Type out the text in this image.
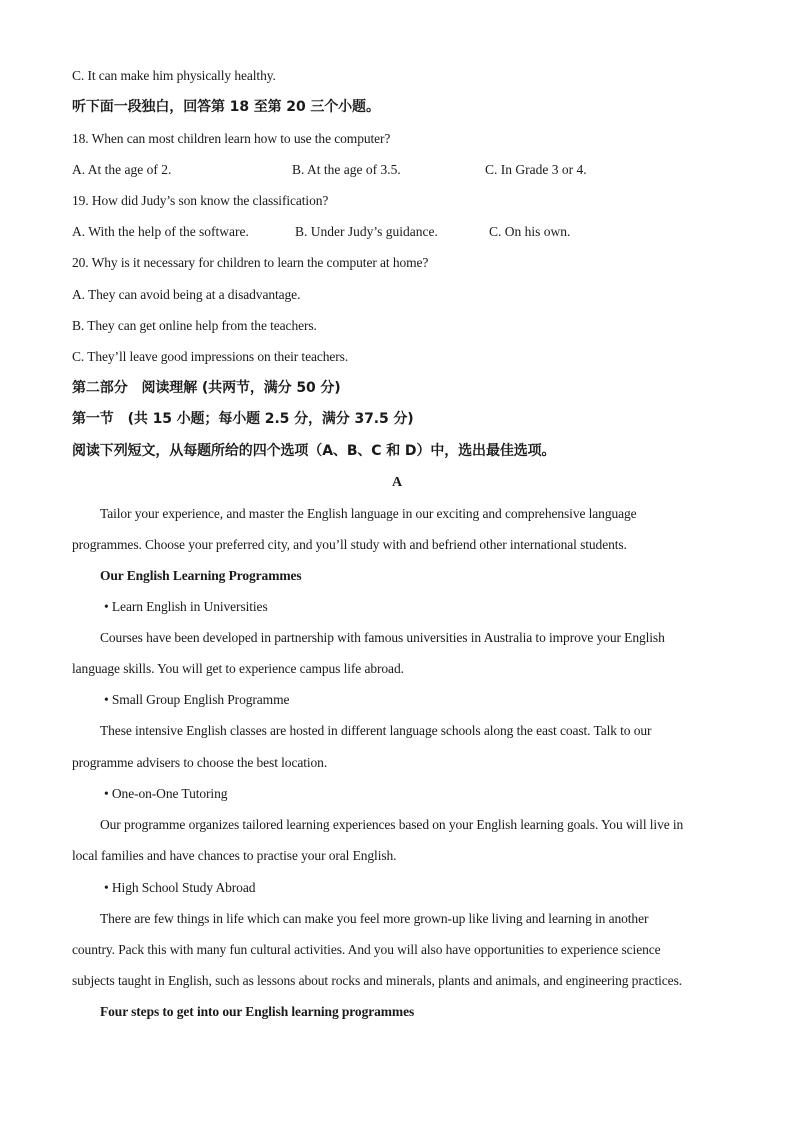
C. It can make him physically healthy.
听下面一段独白，回答第 18 至第 20 三个小题。
18. When can most children learn how to use the computer?
A. At the age of 2.	B. At the age of 3.5.	C. In Grade 3 or 4.
19. How did Judy’s son know the classification?
A. With the help of the software.	B. Under Judy’s guidance.	C. On his own.
20. Why is it necessary for children to learn the computer at home?
A. They can avoid being at a disadvantage.
B. They can get online help from the teachers.
C. They’ll leave good impressions on their teachers.
第二部分　阅读理解 (共两节，满分 50 分)
第一节　(共 15 小题；每小题 2.5 分，满分 37.5 分)
阅读下列短文，从每题所给的四个选项（A、B、C 和 D）中，选出最佳选项。
A
Tailor your experience, and master the English language in our exciting and comprehensive language
programmes. Choose your preferred city, and you’ll study with and befriend other international students.
Our English Learning Programmes
• Learn English in Universities
Courses have been developed in partnership with famous universities in Australia to improve your English
language skills. You will get to experience campus life abroad.
• Small Group English Programme
These intensive English classes are hosted in different language schools along the east coast. Talk to our
programme advisers to choose the best location.
• One-on-One Tutoring
Our programme organizes tailored learning experiences based on your English learning goals. You will live in
local families and have chances to practise your oral English.
• High School Study Abroad
There are few things in life which can make you feel more grown-up like living and learning in another
country. Pack this with many fun cultural activities. And you will also have opportunities to experience science
subjects taught in English, such as lessons about rocks and minerals, plants and animals, and engineering practices.
Four steps to get into our English learning programmes
